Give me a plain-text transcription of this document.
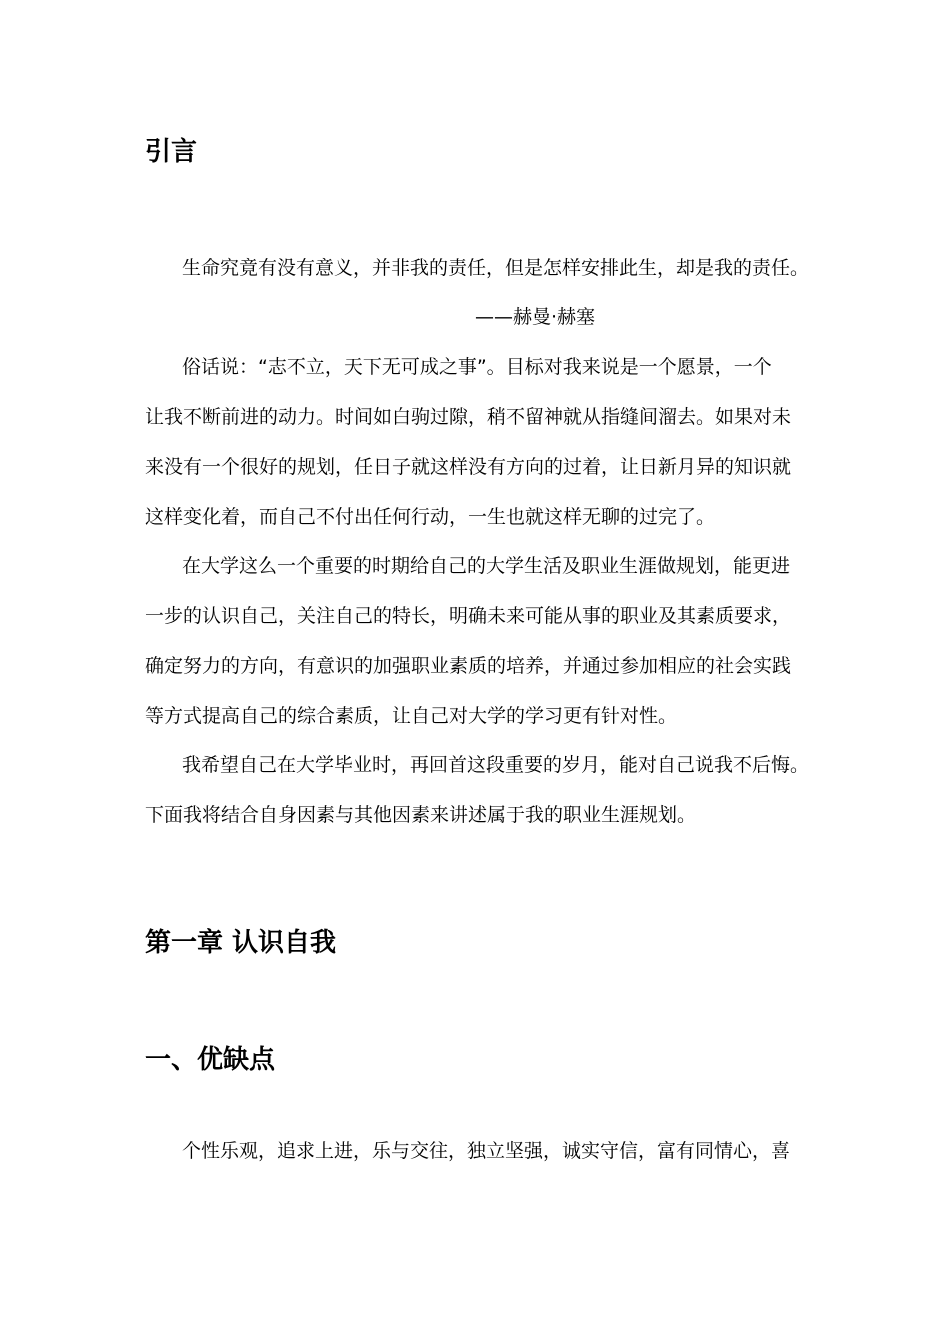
引言
生命究竟有没有意义，并非我的责任，但是怎样安排此生，却是我的责任。
——赫曼·赫塞
俗话说：“志不立，天下无可成之事”。目标对我来说是一个愿景，一个
让我不断前进的动力。时间如白驹过隙，稍不留神就从指缝间溜去。如果对未
来没有一个很好的规划，任日子就这样没有方向的过着，让日新月异的知识就
这样变化着，而自己不付出任何行动，一生也就这样无聊的过完了。
在大学这么一个重要的时期给自己的大学生活及职业生涯做规划，能更进
一步的认识自己，关注自己的特长，明确未来可能从事的职业及其素质要求，
确定努力的方向，有意识的加强职业素质的培养，并通过参加相应的社会实践
等方式提高自己的综合素质，让自己对大学的学习更有针对性。
我希望自己在大学毕业时，再回首这段重要的岁月，能对自己说我不后悔。
下面我将结合自身因素与其他因素来讲述属于我的职业生涯规划。
第一章 认识自我
一、优缺点
个性乐观，追求上进，乐与交往，独立坚强，诚实守信，富有同情心，喜
